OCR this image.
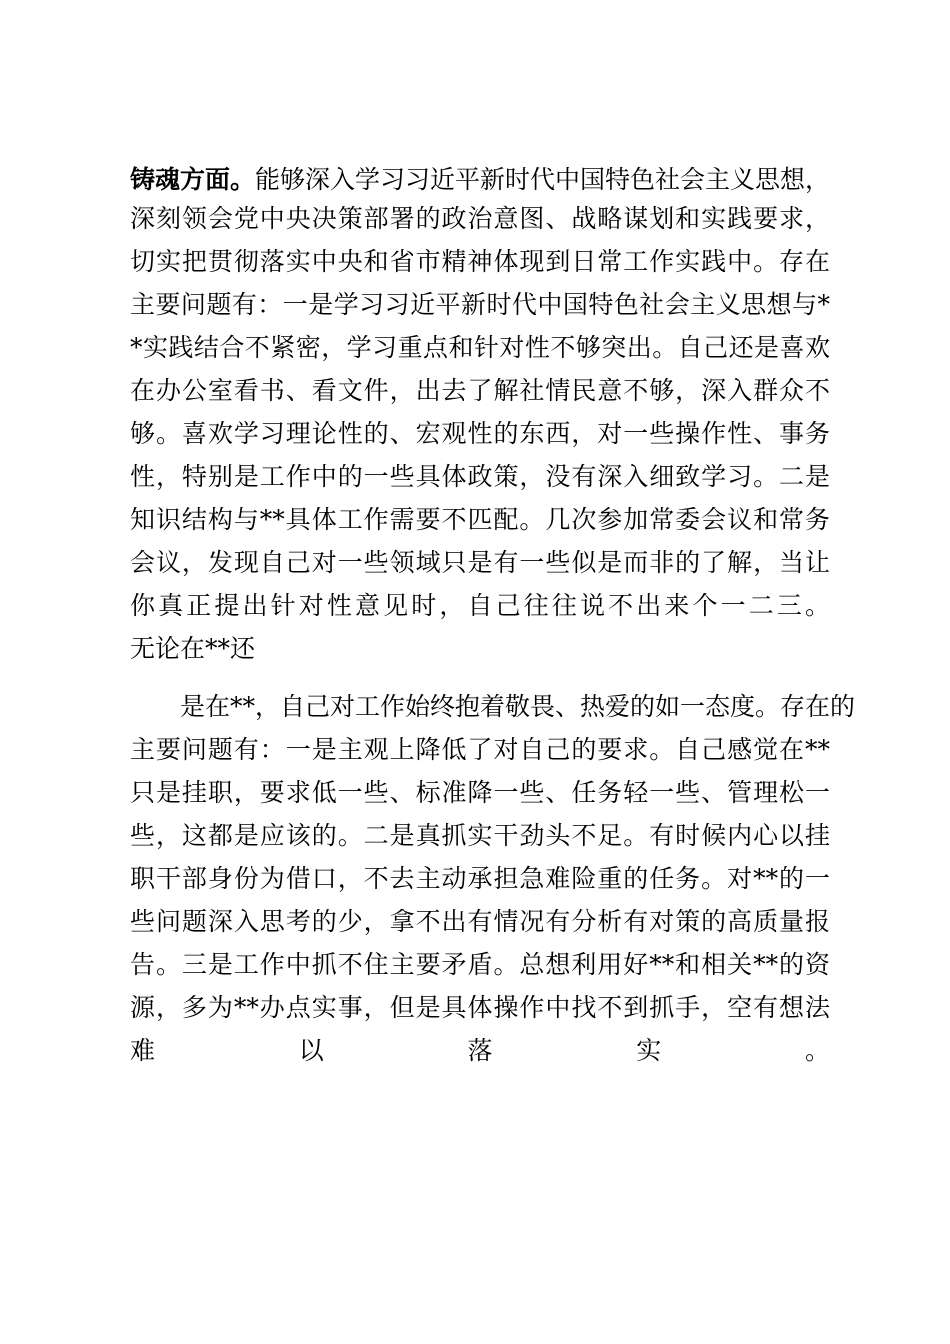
铸魂方面。能够深入学习习近平新时代中国特色社会主义思想，
深刻领会党中央决策部署的政治意图、战略谋划和实践要求，
切实把贯彻落实中央和省市精神体现到日常工作实践中。存在
主要问题有：一是学习习近平新时代中国特色社会主义思想与*
*实践结合不紧密，学习重点和针对性不够突出。自己还是喜欢
在办公室看书、看文件，出去了解社情民意不够，深入群众不
够。喜欢学习理论性的、宏观性的东西，对一些操作性、事务
性，特别是工作中的一些具体政策，没有深入细致学习。二是
知识结构与**具体工作需要不匹配。几次参加常委会议和常务
会议，发现自己对一些领域只是有一些似是而非的了解，当让
你真正提出针对性意见时，自己往往说不出来个一二三。
无论在**还
是在**，自己对工作始终抱着敬畏、热爱的如一态度。存在的
主要问题有：一是主观上降低了对自己的要求。自己感觉在**
只是挂职，要求低一些、标准降一些、任务轻一些、管理松一
些，这都是应该的。二是真抓实干劲头不足。有时候内心以挂
职干部身份为借口，不去主动承担急难险重的任务。对**的一
些问题深入思考的少，拿不出有情况有分析有对策的高质量报
告。三是工作中抓不住主要矛盾。总想利用好**和相关**的资
源，多为**办点实事，但是具体操作中找不到抓手，空有想法
难以落实。
